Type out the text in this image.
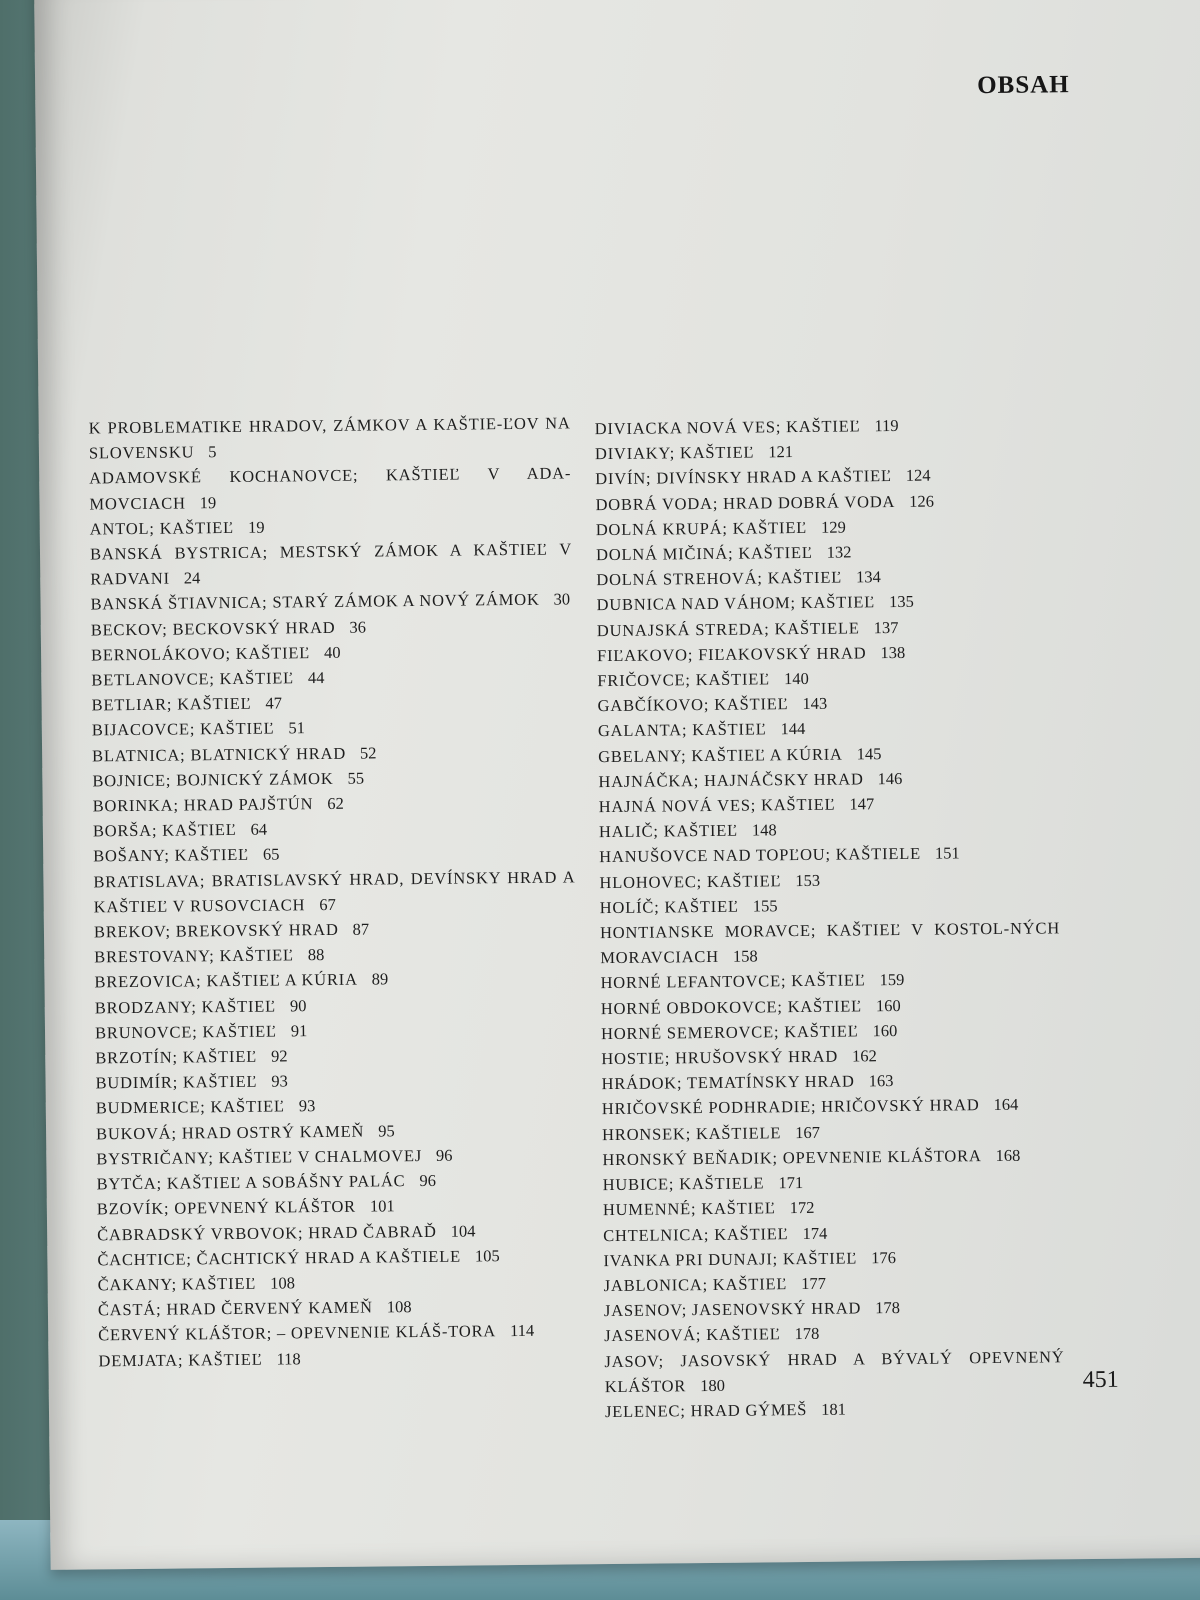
OBSAH
K PROBLEMATIKE HRADOV, ZÁMKOV A KAŠTIE-ĽOV NA SLOVENSKU 5
ADAMOVSKÉ KOCHANOVCE; KAŠTIEĽ V ADA-MOVCIACH 19
ANTOL; KAŠTIEĽ 19
BANSKÁ BYSTRICA; MESTSKÝ ZÁMOK A KAŠTIEĽ V RADVANI 24
BANSKÁ ŠTIAVNICA; STARÝ ZÁMOK A NOVÝ ZÁMOK 30
BECKOV; BECKOVSKÝ HRAD 36
BERNOLÁKOVO; KAŠTIEĽ 40
BETLANOVCE; KAŠTIEĽ 44
BETLIAR; KAŠTIEĽ 47
BIJACOVCE; KAŠTIEĽ 51
BLATNICA; BLATNICKÝ HRAD 52
BOJNICE; BOJNICKÝ ZÁMOK 55
BORINKA; HRAD PAJŠTÚN 62
BORŠA; KAŠTIEĽ 64
BOŠANY; KAŠTIEĽ 65
BRATISLAVA; BRATISLAVSKÝ HRAD, DEVÍNSKY HRAD A KAŠTIEĽ V RUSOVCIACH 67
BREKOV; BREKOVSKÝ HRAD 87
BRESTOVANY; KAŠTIEĽ 88
BREZOVICA; KAŠTIEĽ A KÚRIA 89
BRODZANY; KAŠTIEĽ 90
BRUNOVCE; KAŠTIEĽ 91
BRZOTÍN; KAŠTIEĽ 92
BUDIMÍR; KAŠTIEĽ 93
BUDMERICE; KAŠTIEĽ 93
BUKOVÁ; HRAD OSTRÝ KAMEŇ 95
BYSTRIČANY; KAŠTIEĽ V CHALMOVEJ 96
BYTČA; KAŠTIEĽ A SOBÁŠNY PALÁC 96
BZOVÍK; OPEVNENÝ KLÁŠTOR 101
ČABRADSKÝ VRBOVOK; HRAD ČABRAĎ 104
ČACHTICE; ČACHTICKÝ HRAD A KAŠTIELE 105
ČAKANY; KAŠTIEĽ 108
ČASTÁ; HRAD ČERVENÝ KAMEŇ 108
ČERVENÝ KLÁŠTOR; – OPEVNENIE KLÁŠ-TORA 114
DEMJATA; KAŠTIEĽ 118
DIVIACKA NOVÁ VES; KAŠTIEĽ 119
DIVIAKY; KAŠTIEĽ 121
DIVÍN; DIVÍNSKY HRAD A KAŠTIEĽ 124
DOBRÁ VODA; HRAD DOBRÁ VODA 126
DOLNÁ KRUPÁ; KAŠTIEĽ 129
DOLNÁ MIČINÁ; KAŠTIEĽ 132
DOLNÁ STREHOVÁ; KAŠTIEĽ 134
DUBNICA NAD VÁHOM; KAŠTIEĽ 135
DUNAJSKÁ STREDA; KAŠTIELE 137
FIĽAKOVO; FIĽAKOVSKÝ HRAD 138
FRIČOVCE; KAŠTIEĽ 140
GABČÍKOVO; KAŠTIEĽ 143
GALANTA; KAŠTIEĽ 144
GBELANY; KAŠTIEĽ A KÚRIA 145
HAJNÁČKA; HAJNÁČSKY HRAD 146
HAJNÁ NOVÁ VES; KAŠTIEĽ 147
HALIČ; KAŠTIEĽ 148
HANUŠOVCE NAD TOPĽOU; KAŠTIELE 151
HLOHOVEC; KAŠTIEĽ 153
HOLÍČ; KAŠTIEĽ 155
HONTIANSKE MORAVCE; KAŠTIEĽ V KOSTOL-NÝCH MORAVCIACH 158
HORNÉ LEFANTOVCE; KAŠTIEĽ 159
HORNÉ OBDOKOVCE; KAŠTIEĽ 160
HORNÉ SEMEROVCE; KAŠTIEĽ 160
HOSTIE; HRUŠOVSKÝ HRAD 162
HRÁDOK; TEMATÍNSKY HRAD 163
HRIČOVSKÉ PODHRADIE; HRIČOVSKÝ HRAD 164
HRONSEK; KAŠTIELE 167
HRONSKÝ BEŇADIK; OPEVNENIE KLÁŠTORA 168
HUBICE; KAŠTIELE 171
HUMENNÉ; KAŠTIEĽ 172
CHTELNICA; KAŠTIEĽ 174
IVANKA PRI DUNAJI; KAŠTIEĽ 176
JABLONICA; KAŠTIEĽ 177
JASENOV; JASENOVSKÝ HRAD 178
JASENOVÁ; KAŠTIEĽ 178
JASOV; JASOVSKÝ HRAD A BÝVALÝ OPEVNENÝ KLÁŠTOR 180
JELENEC; HRAD GÝMEŠ 181

451
